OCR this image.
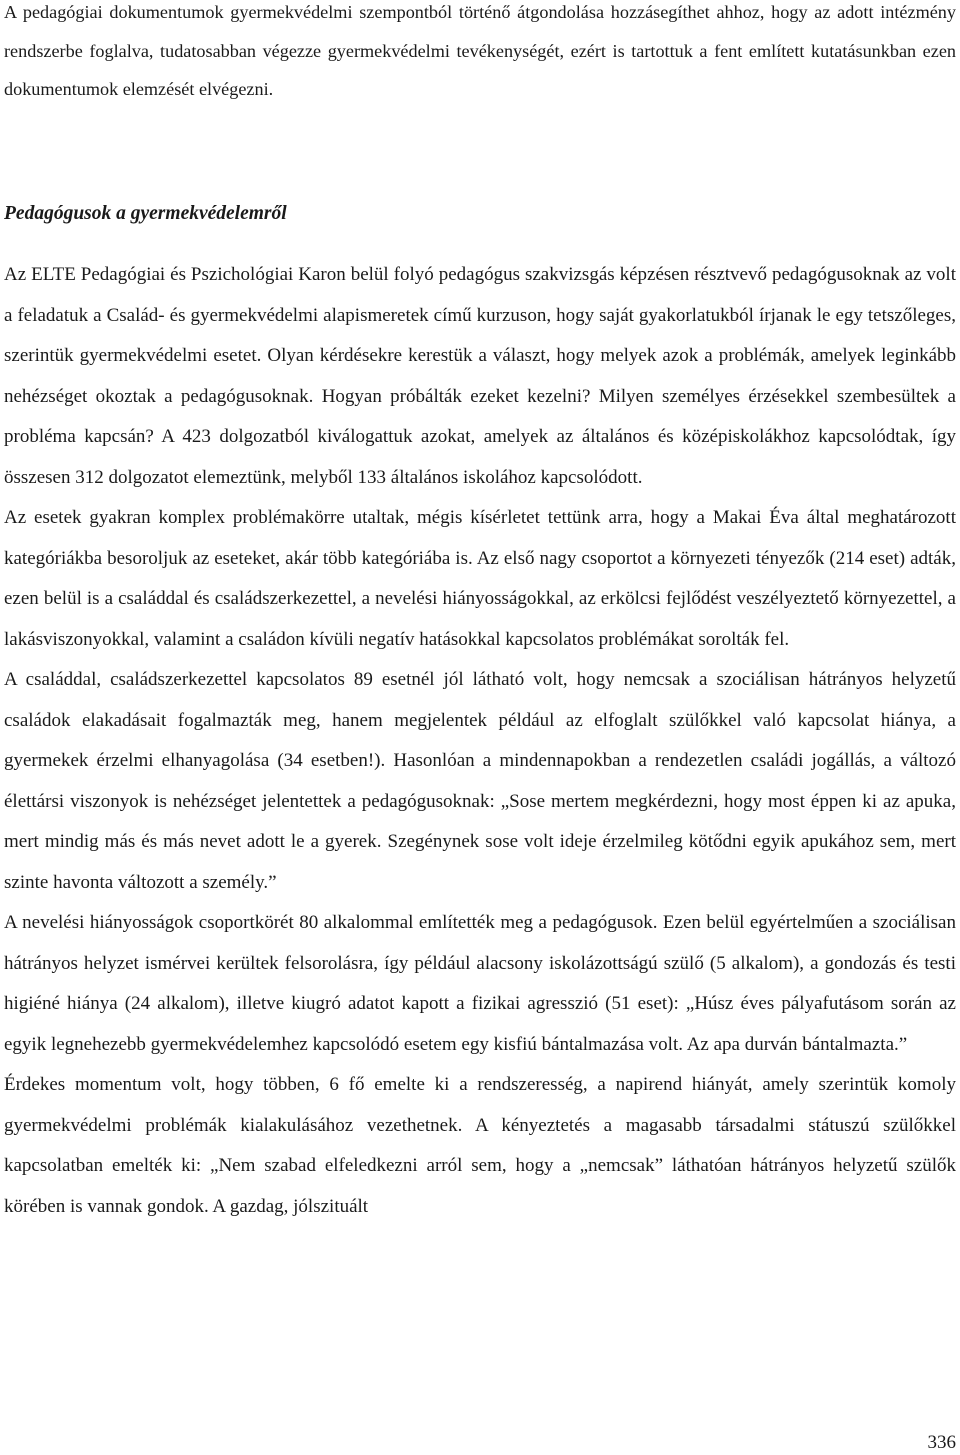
A pedagógiai dokumentumok gyermekvédelmi szempontból történő átgondolása hozzásegíthet ahhoz, hogy az adott intézmény rendszerbe foglalva, tudatosabban végezze gyermekvédelmi tevékenységét, ezért is tartottuk a fent említett kutatásunkban ezen dokumentumok elemzését elvégezni.

Pedagógusok a gyermekvédelemről

Az ELTE Pedagógiai és Pszichológiai Karon belül folyó pedagógus szakvizsgás képzésen résztvevő pedagógusoknak az volt a feladatuk a Család- és gyermekvédelmi alapismeretek című kurzuson, hogy saját gyakorlatukból írjanak le egy tetszőleges, szerintük gyermekvédelmi esetet. Olyan kérdésekre kerestük a választ, hogy melyek azok a problémák, amelyek leginkább nehézséget okoztak a pedagógusoknak. Hogyan próbálták ezeket kezelni? Milyen személyes érzésekkel szembesültek a probléma kapcsán? A 423 dolgozatból kiválogattuk azokat, amelyek az általános és középiskolákhoz kapcsolódtak, így összesen 312 dolgozatot elemeztünk, melyből 133 általános iskolához kapcsolódott.

Az esetek gyakran komplex problémakörre utaltak, mégis kísérletet tettünk arra, hogy a Makai Éva által meghatározott kategóriákba besoroljuk az eseteket, akár több kategóriába is. Az első nagy csoportot a környezeti tényezők (214 eset) adták, ezen belül is a családdal és családszerkezettel, a nevelési hiányosságokkal, az erkölcsi fejlődést veszélyeztető környezettel, a lakásviszonyokkal, valamint a családon kívüli negatív hatásokkal kapcsolatos problémákat sorolták fel.

A családdal, családszerkezettel kapcsolatos 89 esetnél jól látható volt, hogy nemcsak a szociálisan hátrányos helyzetű családok elakadásait fogalmazták meg, hanem megjelentek például az elfoglalt szülőkkel való kapcsolat hiánya, a gyermekek érzelmi elhanyagolása (34 esetben!). Hasonlóan a mindennapokban a rendezetlen családi jogállás, a változó élettársi viszonyok is nehézséget jelentettek a pedagógusoknak: „Sose mertem megkérdezni, hogy most éppen ki az apuka, mert mindig más és más nevet adott le a gyerek. Szegénynek sose volt ideje érzelmileg kötődni egyik apukához sem, mert szinte havonta változott a személy.”

A nevelési hiányosságok csoportkörét 80 alkalommal említették meg a pedagógusok. Ezen belül egyértelműen a szociálisan hátrányos helyzet ismérvei kerültek felsorolásra, így például alacsony iskolázottságú szülő (5 alkalom), a gondozás és testi higiéné hiánya (24 alkalom), illetve kiugró adatot kapott a fizikai agresszió (51 eset): „Húsz éves pályafutásom során az egyik legnehezebb gyermekvédelemhez kapcsolódó esetem egy kisfiú bántalmazása volt. Az apa durván bántalmazta.”

Érdekes momentum volt, hogy többen, 6 fő emelte ki a rendszeresség, a napirend hiányát, amely szerintük komoly gyermekvédelmi problémák kialakulásához vezethetnek. A kényeztetés a magasabb társadalmi státuszú szülőkkel kapcsolatban emelték ki: „Nem szabad elfeledkezni arról sem, hogy a „nemcsak” láthatóan hátrányos helyzetű szülők körében is vannak gondok. A gazdag, jólszituált

336
